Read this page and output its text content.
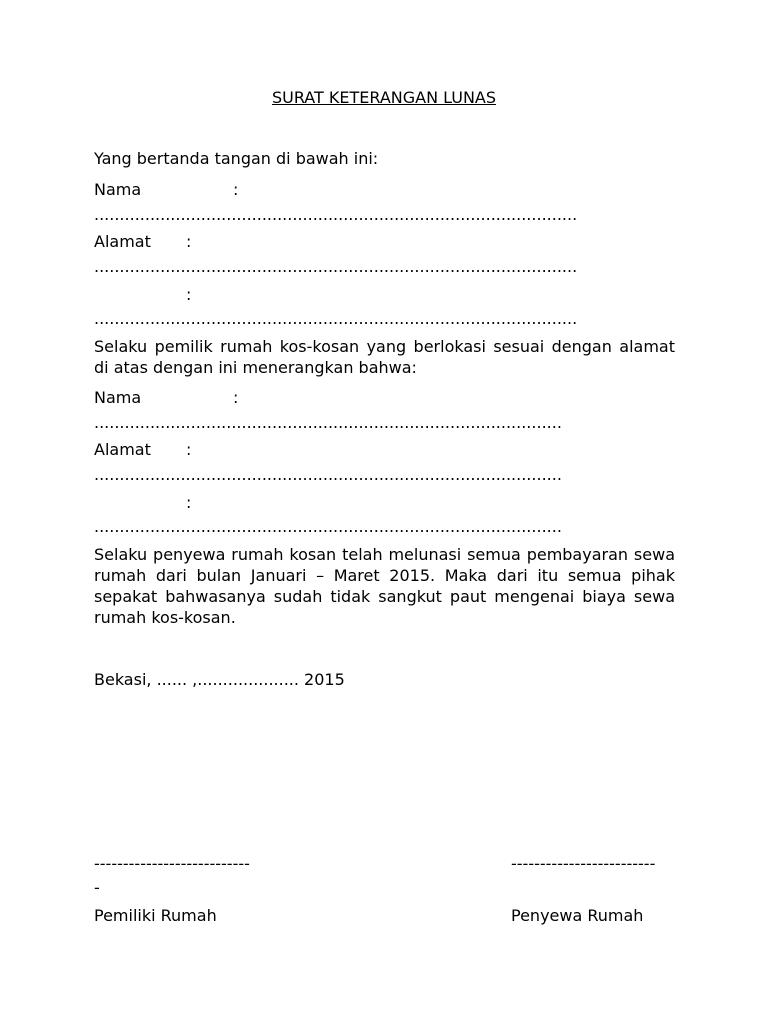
SURAT KETERANGAN LUNAS
Yang bertanda tangan di bawah ini:
Nama	:
...............................................................................................
Alamat :
...............................................................................................
:
...............................................................................................
Selaku pemilik rumah kos-kosan yang berlokasi sesuai dengan alamat di atas dengan ini menerangkan bahwa:
Nama	:
............................................................................................
Alamat :
............................................................................................
:
............................................................................................
Selaku penyewa rumah kosan telah melunasi semua pembayaran sewa rumah dari bulan Januari – Maret 2015. Maka dari itu semua pihak sepakat bahwasanya sudah tidak sangkut paut mengenai biaya sewa rumah kos-kosan.
Bekasi, ...... ,.................... 2015
---------------------------
-
-------------------------
Pemiliki Rumah	Penyewa Rumah
